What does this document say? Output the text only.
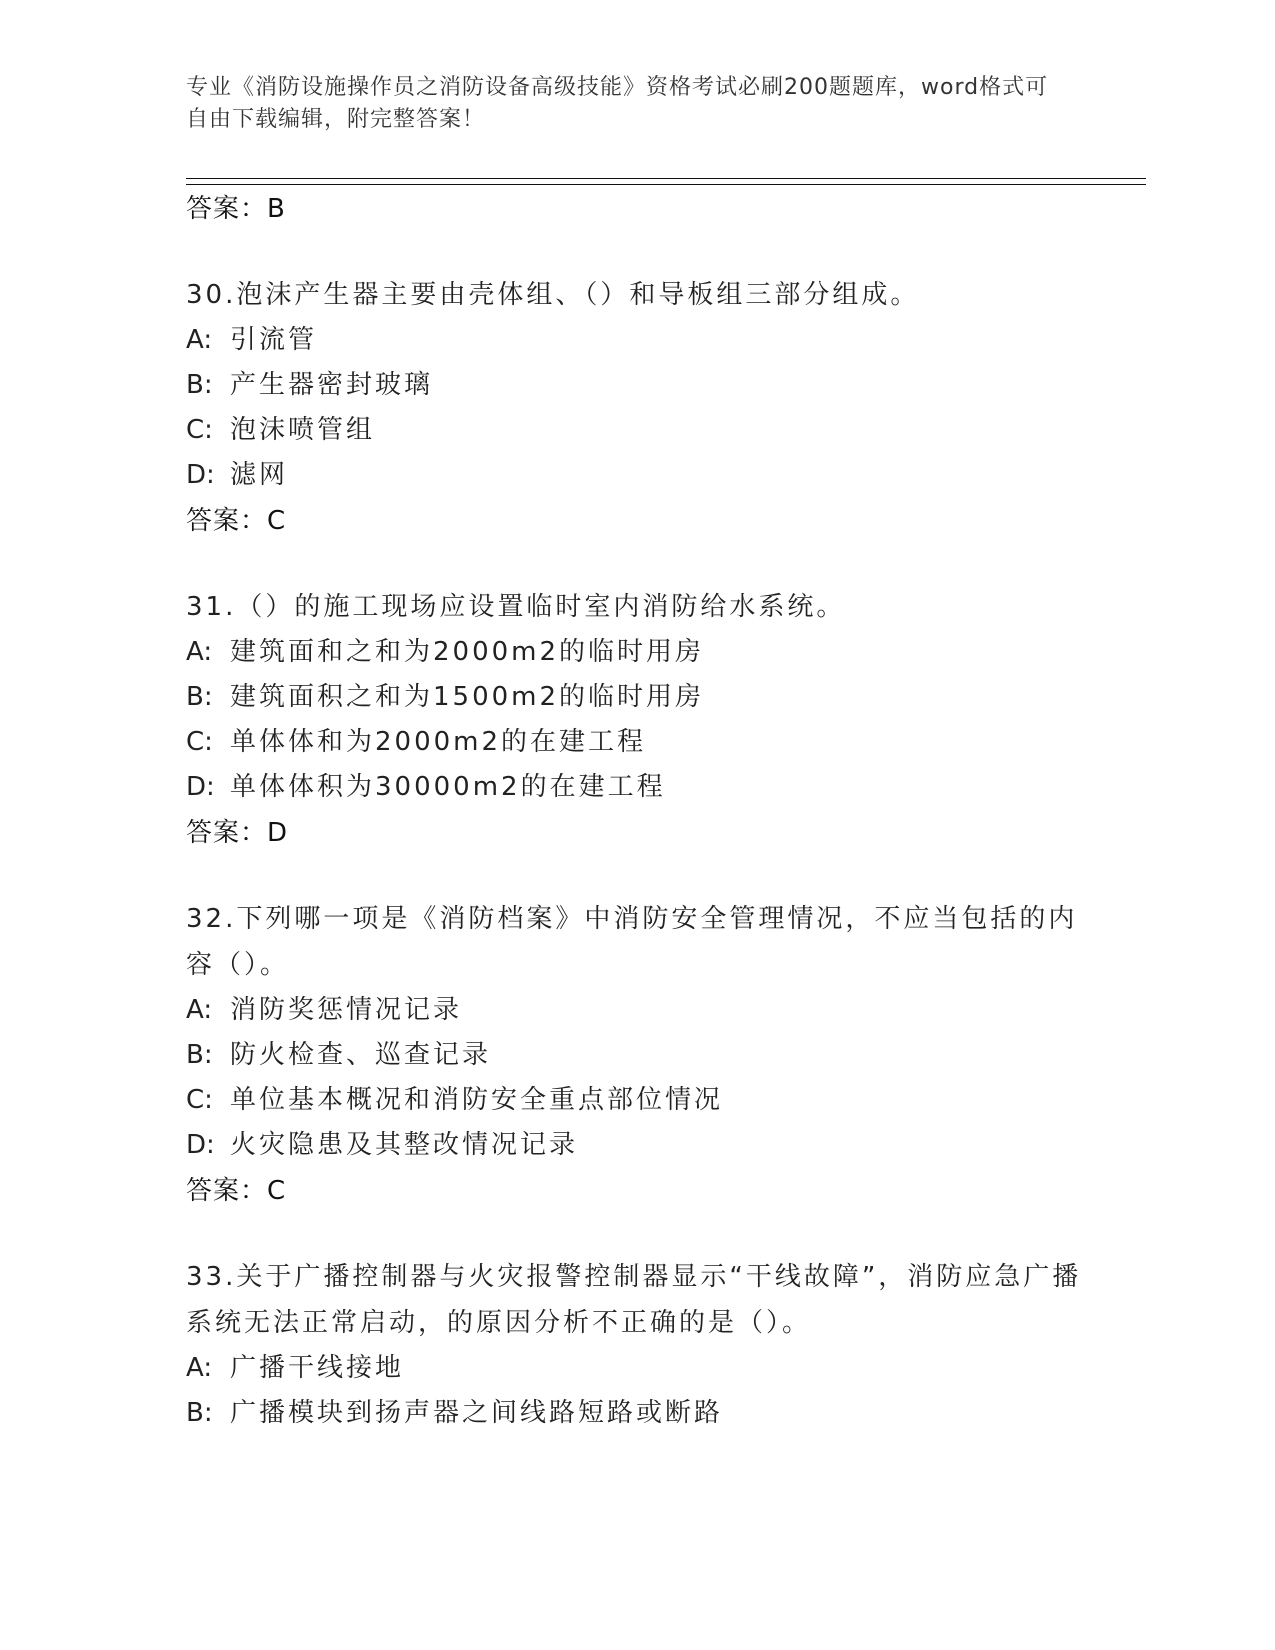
专业《消防设施操作员之消防设备高级技能》资格考试必刷200题题库，word格式可自由下载编辑，附完整答案！
答案：B
30.泡沫产生器主要由壳体组、（）和导板组三部分组成。
A: 引流管
B: 产生器密封玻璃
C: 泡沫喷管组
D: 滤网
答案：C
31.（）的施工现场应设置临时室内消防给水系统。
A: 建筑面和之和为2000m2的临时用房
B: 建筑面积之和为1500m2的临时用房
C: 单体体和为2000m2的在建工程
D: 单体体积为30000m2的在建工程
答案：D
32.下列哪一项是《消防档案》中消防安全管理情况，不应当包括的内容（）。
A: 消防奖惩情况记录
B: 防火检查、巡查记录
C: 单位基本概况和消防安全重点部位情况
D: 火灾隐患及其整改情况记录
答案：C
33.关于广播控制器与火灾报警控制器显示“干线故障”，消防应急广播系统无法正常启动，的原因分析不正确的是（）。
A: 广播干线接地
B: 广播模块到扬声器之间线路短路或断路
